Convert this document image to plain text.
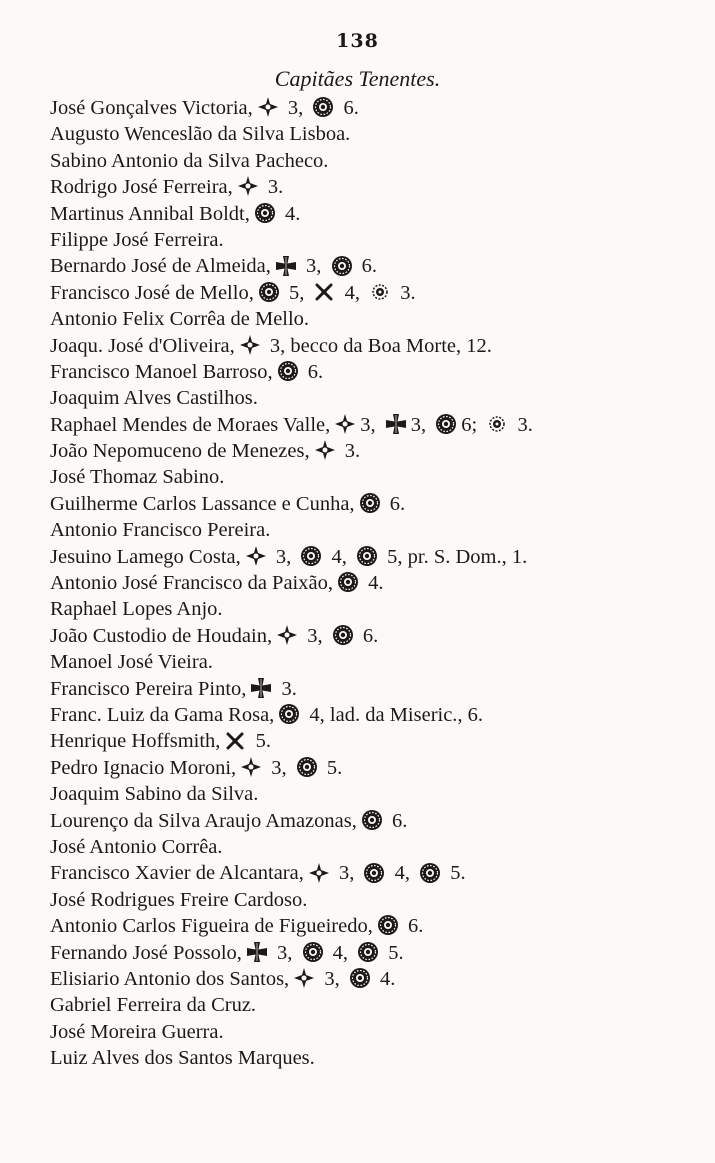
138
Capitães Tenentes.
José Gonçalves Victoria,
3,
6.
Augusto Wenceslão da Silva Lisboa.
Sabino Antonio da Silva Pacheco.
Rodrigo José Ferreira,
3.
Martinus Annibal Boldt,
4.
Filippe José Ferreira.
Bernardo José de Almeida,
3,
6.
Francisco José de Mello,
5,
4,
3.
Antonio Felix Corrêa de Mello.
Joaqu. José d'Oliveira,
3, becco da Boa Morte, 12.
Francisco Manoel Barroso,
6.
Joaquim Alves Castilhos.
Raphael Mendes de Moraes Valle, 3,
3,
6;
3.
João Nepomuceno de Menezes,
3.
José Thomaz Sabino.
Guilherme Carlos Lassance e Cunha,
6.
Antonio Francisco Pereira.
Jesuino Lamego Costa,
3,
4,
5, pr. S. Dom., 1.
Antonio José Francisco da Paixão,
4.
Raphael Lopes Anjo.
João Custodio de Houdain,
3,
6.
Manoel José Vieira.
Francisco Pereira Pinto,
3.
Franc. Luiz da Gama Rosa,
4, lad. da Miseric., 6.
Henrique Hoffsmith,
5.
Pedro Ignacio Moroni,
3,
5.
Joaquim Sabino da Silva.
Lourenço da Silva Araujo Amazonas,
6.
José Antonio Corrêa.
Francisco Xavier de Alcantara,
3,
4,
5.
José Rodrigues Freire Cardoso.
Antonio Carlos Figueira de Figueiredo,
6.
Fernando José Possolo,
3,
4,
5.
Elisiario Antonio dos Santos,
3,
4.
Gabriel Ferreira da Cruz.
José Moreira Guerra.
Luiz Alves dos Santos Marques.
